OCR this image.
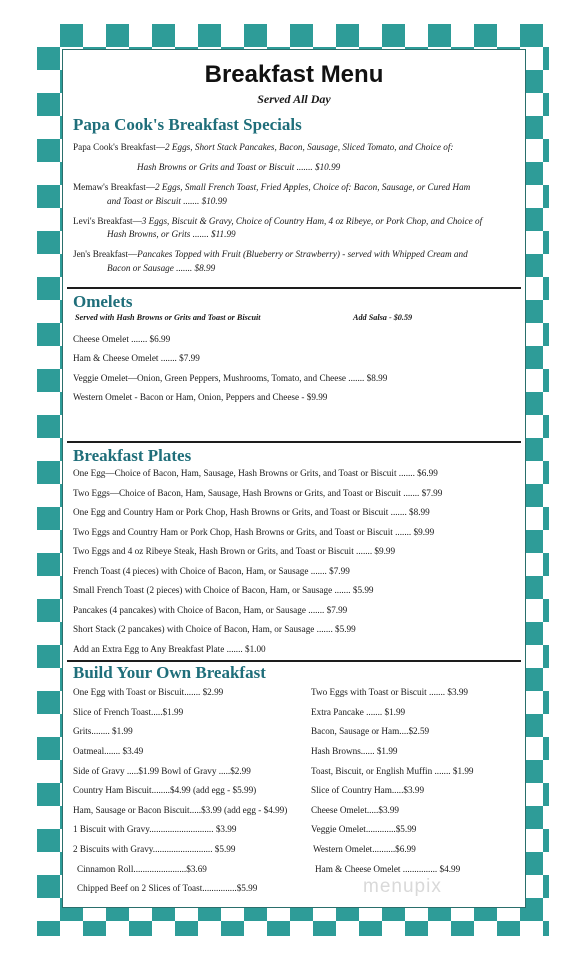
Breakfast Menu

Served All Day

Papa Cook's Breakfast Specials
Papa Cook's Breakfast—2 Eggs, Short Stack Pancakes, Bacon, Sausage, Sliced Tomato, and Choice of:
Hash Browns or Grits and Toast or Biscuit ....... $10.99
Memaw's Breakfast—2 Eggs, Small French Toast, Fried Apples, Choice of: Bacon, Sausage, or Cured Ham
and Toast or Biscuit ....... $10.99
Levi's Breakfast—3 Eggs, Biscuit & Gravy, Choice of Country Ham, 4 oz Ribeye, or Pork Chop, and Choice of
Hash Browns, or Grits ....... $11.99
Jen's Breakfast—Pancakes Topped with Fruit (Blueberry or Strawberry) - served with Whipped Cream and
Bacon or Sausage ....... $8.99
Omelets
Served with Hash Browns or Grits and Toast or Biscuit	Add Salsa - $0.59
Cheese Omelet ....... $6.99
Ham & Cheese Omelet ....... $7.99
Veggie Omelet—Onion, Green Peppers, Mushrooms, Tomato, and Cheese ....... $8.99
Western Omelet - Bacon or Ham, Onion, Peppers and Cheese - $9.99
Breakfast Plates
One Egg—Choice of Bacon, Ham, Sausage, Hash Browns or Grits, and Toast or Biscuit ....... $6.99
Two Eggs—Choice of Bacon, Ham, Sausage, Hash Browns or Grits, and Toast or Biscuit ....... $7.99
One Egg and Country Ham or Pork Chop, Hash Browns or Grits, and Toast or Biscuit ....... $8.99
Two Eggs and Country Ham or Pork Chop, Hash Browns or Grits, and Toast or Biscuit ....... $9.99
Two Eggs and 4 oz Ribeye Steak, Hash Brown or Grits, and Toast or Biscuit ....... $9.99
French Toast (4 pieces) with Choice of Bacon, Ham, or Sausage ....... $7.99
Small French Toast (2 pieces) with Choice of Bacon, Ham, or Sausage ....... $5.99
Pancakes (4 pancakes) with Choice of Bacon, Ham, or Sausage ....... $7.99
Short Stack (2 pancakes) with Choice of Bacon, Ham, or Sausage ....... $5.99
Add an Extra Egg to Any Breakfast Plate ....... $1.00
Build Your Own Breakfast
One Egg with Toast or Biscuit....... $2.99
Slice of French Toast.....$1.99
Grits........ $1.99
Oatmeal....... $3.49
Side of Gravy .....$1.99 Bowl of Gravy .....$2.99
Country Ham Biscuit........$4.99 (add egg - $5.99)
Ham, Sausage or Bacon Biscuit.....$3.99 (add egg - $4.99)
1 Biscuit with Gravy............................ $3.99
2 Biscuits with Gravy.......................... $5.99
Cinnamon Roll.......................$3.69
Chipped Beef on 2 Slices of Toast...............$5.99
Two Eggs with Toast or Biscuit ....... $3.99
Extra Pancake ....... $1.99
Bacon, Sausage or Ham....$2.59
Hash Browns...... $1.99
Toast, Biscuit, or English Muffin ....... $1.99
Slice of Country Ham.....$3.99
Cheese Omelet.....$3.99
Veggie Omelet.............$5.99
Western Omelet..........$6.99
Ham & Cheese Omelet ............... $4.99
menupix
